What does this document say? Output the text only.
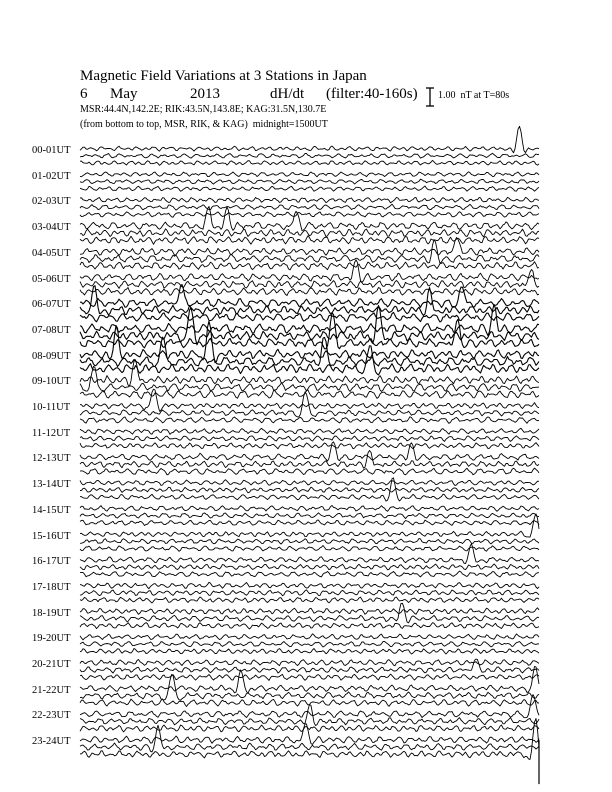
Magnetic Field Variations at 3 Stations in Japan
6 May	2013	dH/dt (filter:40-160s)
MSR:44.4N,142.2E; RIK:43.5N,143.8E; KAG:31.5N,130.7E
(from bottom to top, MSR, RIK, & KAG)  midnight=1500UT
1.00  nT at T=80s
00-01UT
01-02UT
02-03UT
03-04UT
04-05UT
05-06UT
06-07UT
07-08UT
08-09UT
09-10UT
10-11UT
11-12UT
12-13UT
13-14UT
14-15UT
15-16UT
16-17UT
17-18UT
18-19UT
19-20UT
20-21UT
21-22UT
22-23UT
23-24UT
